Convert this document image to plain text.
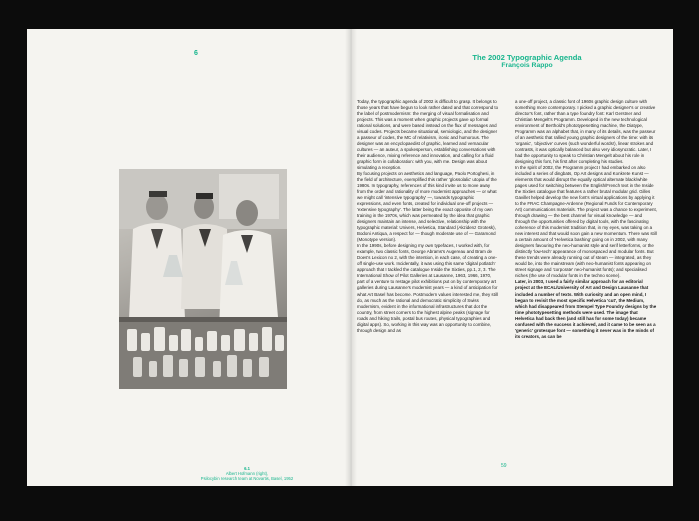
6
6.1
Albert Hofmann (right),
Psilocybin research team at Novartis, Basel, 1952
The 2002 Typographic Agenda
François Rappo

Today, the typographic agenda of 2002 is difficult to grasp. It belongs to those years that have begun to look rather dated and that correspond to the label of postmodernism: the merging of visual formalisation and projects. This was a moment when graphic projects gave up formal rational solutions, and were based instead on the flux of messages and visual codes. Projects became situational, semiologic, and the designer a passeur of codes, the MC of relativism, ironic and humorous. The designer was an encyclopaedist of graphic, learned and vernacular cultures — an auteur, a spokesperson, establishing conversations with their audience, mixing reference and innovation, and calling for a fluid graphic form in collaboration: with you, with me. Design was about simulating a reception.

By focusing projects on aesthetics and language, Paolo Portoghesi, in the field of architecture, exemplified this rather 'glossolalic' utopia of the 1980s. In typography, references of this kind invite us to move away from the order and rationality of more modernist approaches — or what we might call 'intensive typography' —, towards typographic expressions, and even fonts, created for individual one-off projects — 'extensive typography'. The latter being the exact opposite of my own training in the 1970s, which was permeated by the idea that graphic designers maintain an intense, and selective, relationship with the typographic material: Univers, Helvetica, Standard (Akzidenz Grotesk), Bodoni Antiqua, a respect for — though moderate use of — Garamond (Monotype version).

In the 1990s, before designing my own typefaces, I worked with, for example, two classic fonts, George Abrams's Augereau and Bram de Does's Lexicon no 2, with the intention, in each case, of creating a one-off single-use work. Incidentally, it was using this same 'digital potlatch' approach that I tackled the catalogue Inside the Sixties, pp.1, 2, 3. The International Show of Pilot Galleries at Lausanne, 1963, 1966, 1970, part of a venture to restage pilot exhibitions put on by contemporary art galleries during Lausanne's modernist years — a kind of anticipation for what Art Basel has become. Postmodern values interested me, they still do, as much as the rational and democratic simplicity of Swiss modernism, evident in the informational infrastructures that dot the country, from street corners to the highest alpine peaks (signage for roads and hiking trails, postal bus routes, physical typographies and digital apps). So, working in this way was an opportunity to combine, through design and as

a one-off project, a classic font of 1960s graphic design culture with something more contemporary. I picked a graphic designer's or creative director's font, rather than a type foundry font: Karl Gerstner and Christian Mengelt's Programm. Developed in the new technological environment of Berthold's phototypesetting machine, the Diatype, Programm was an alphabet that, in many of its details, was the passeur of an aesthetic that rallied young graphic designers of the time: with its 'organic', 'objective' curves (such wonderful words!), linear strokes and contrasts, it was optically balanced but also very idiosyncratic. Later, I had the opportunity to speak to Christian Mengelt about his role in designing this font, his first after completing his studies.

In the spirit of 2002, the Programm project I had embarked on also included a series of dingbats, Op Art designs and Konkrete Kunst — elements that would disrupt the equally optical alternate black/white pages used for switching between the English/French text in the Inside the Sixties catalogue that features a rather brutal modular grid. Gilles Gavillet helped develop the new font's virtual applications by applying it to the FRAC Champagne-Ardenne (Regional Funds for Contemporary Art) communications materials. The project was a chance to experiment, through drawing — the best channel for visual knowledge — and through the opportunities offered by digital tools, with the fascinating coherence of this modernist tradition that, in my eyes, was taking on a new interest and that would soon gain a new momentum. There was still a certain amount of 'Helvetica bashing' going on in 2002, with many designers favouring the neo-humanist style and serif letterforms, or the distinctly 'low-tech' appearance of monospaced and modular fonts. But these trends were already running out of steam — integrated, as they would be, into the mainstream (with neo-humanist fonts appearing on street signage and 'corporate' neo-humanist fonts); and specialised niches (the use of modular fonts in the techno scene).

Later, in 2003, I used a fairly similar approach for an editorial project at the ECAL/University of Art and Design Lausanne that included a number of texts. With curiosity and an open mind, I began to revisit the most specific Helvetica 'cut', the Medium, which had disappeared from Stempel Type Foundry designs by the time phototypesetting methods were used. The image that Helvetica had back then (and still has for some today) became confused with the success it achieved, and it came to be seen as a 'generic' grotesque font — something it never was in the minds of its creators, as can be

59
